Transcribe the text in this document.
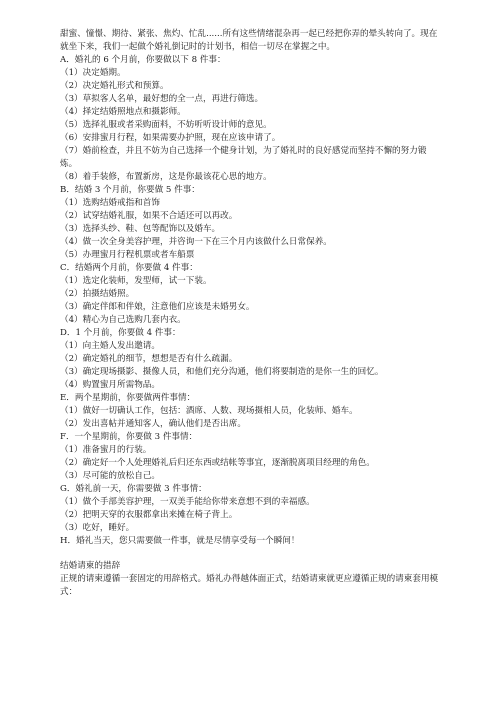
甜蜜、憧憬、期待、紧张、焦灼、忙乱......所有这些情绪混杂再一起已经把你弄的晕头转向了。现在就坐下来，我们一起做个婚礼倒记时的计划书，相信一切尽在掌握之中。
A．婚礼的 6 个月前，你要做以下 8 件事：
（1）决定婚期。
（2）决定婚礼形式和预算。
（3）草拟客人名单，最好想的全一点，再进行筛选。
（4）择定结婚照地点和摄影师。
（5）选择礼服或者采购面料，不妨听听设计师的意见。
（6）安排蜜月行程，如果需要办护照，现在应该申请了。
（7）婚前检查，并且不妨为自己选择一个健身计划，为了婚礼时的良好感觉而坚持不懈的努力锻炼。
（8）着手装修，布置新房，这是你最该花心思的地方。
B．结婚 3 个月前，你要做 5 件事：
（1）选购结婚戒指和首饰
（2）试穿结婚礼服，如果不合适还可以再改。
（3）选择头纱、鞋、包等配饰以及婚车。
（4）做一次全身美容护理，并咨询一下在三个月内该做什么日常保养。
（5）办理蜜月行程机票或者车船票
C．结婚两个月前，你要做 4 件事：
（1）选定化装师，发型师，试一下装。
（2）拍摄结婚照。
（3）确定伴郎和伴娘，注意他们应该是未婚男女。
（4）精心为自己选购几套内衣。
D．1 个月前，你要做 4 件事：
（1）向主婚人发出邀请。
（2）确定婚礼的细节，想想是否有什么疏漏。
（3）确定现场摄影、摄像人员，和他们充分沟通，他们将要制造的是你一生的回忆。
（4）购置蜜月所需物品。
E．两个星期前，你要做两件事情：
（1）做好一切确认工作，包括：酒席、人数、现场摄相人员，化装师、婚车。
（2）发出喜帖并通知客人，确认他们是否出席。
F．一个星期前，你要做 3 件事情：
（1）准备蜜月的行装。
（2）确定好一个人处理婚礼后归还东西或结帐等事宜，逐渐脱离项目经理的角色。
（3）尽可能的放松自己。
G．婚礼前一天，你需要做 3 件事情：
（1）做个手部美容护理，一双美手能给你带来意想不到的幸福感。
（2）把明天穿的衣服都拿出来摊在椅子背上。
（3）吃好，睡好。
H．婚礼当天，您只需要做一件事，就是尽情享受每一个瞬间！
结婚请柬的措辞
正规的请柬遵循一套固定的用辞格式。婚礼办得越体面正式，结婚请柬就更应遵循正规的请柬套用模式：
